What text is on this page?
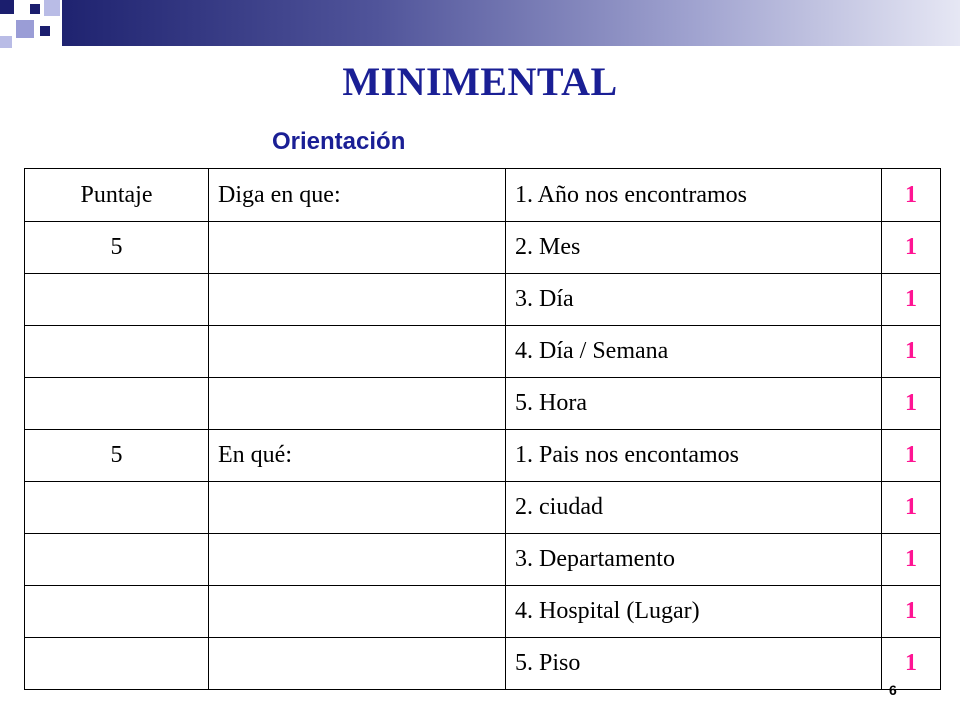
MINIMENTAL
Orientación
Puntaje	Diga en que:	1. Año nos encontramos	1
5		2. Mes	1
		3. Día	1
		4. Día / Semana	1
		5. Hora	1
5	En qué:	1. Pais nos encontamos	1
		2. ciudad	1
		3. Departamento	1
		4. Hospital (Lugar)	1
		5. Piso	1
6
